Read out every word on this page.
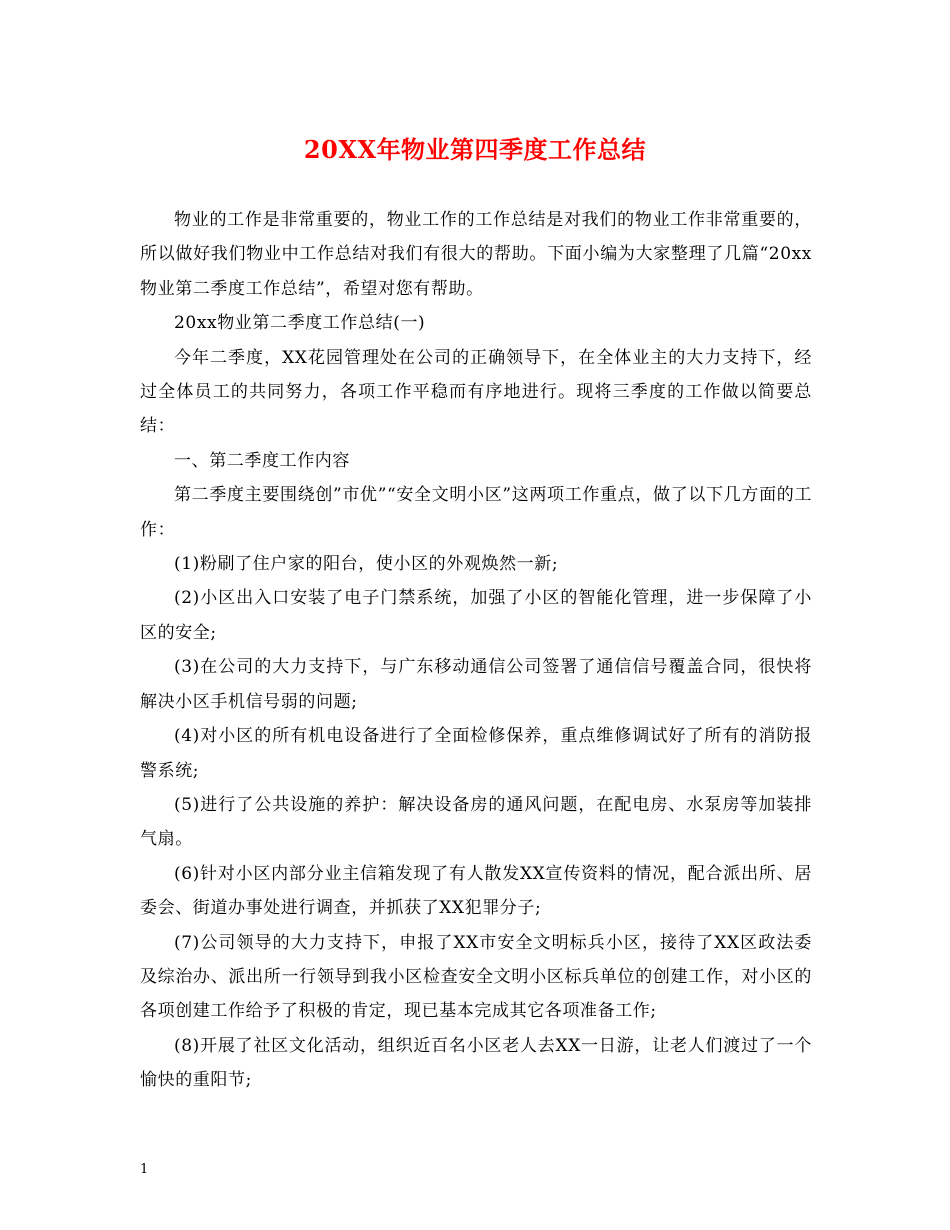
20XX年物业第四季度工作总结

物业的工作是非常重要的，物业工作的工作总结是对我们的物业工作非常重要的，所以做好我们物业中工作总结对我们有很大的帮助。下面小编为大家整理了几篇“20xx物业第二季度工作总结”，希望对您有帮助。

20xx物业第二季度工作总结(一)

今年二季度，XX花园管理处在公司的正确领导下，在全体业主的大力支持下，经过全体员工的共同努力，各项工作平稳而有序地进行。现将三季度的工作做以简要总结：

一、第二季度工作内容

第二季度主要围绕创”市优”“安全文明小区”这两项工作重点，做了以下几方面的工作：

(1)粉刷了住户家的阳台，使小区的外观焕然一新;

(2)小区出入口安装了电子门禁系统，加强了小区的智能化管理，进一步保障了小区的安全;

(3)在公司的大力支持下，与广东移动通信公司签署了通信信号覆盖合同，很快将解决小区手机信号弱的问题;

(4)对小区的所有机电设备进行了全面检修保养，重点维修调试好了所有的消防报警系统;

(5)进行了公共设施的养护：解决设备房的通风问题，在配电房、水泵房等加装排气扇。

(6)针对小区内部分业主信箱发现了有人散发XX宣传资料的情况，配合派出所、居委会、街道办事处进行调查，并抓获了XX犯罪分子;

(7)公司领导的大力支持下，申报了XX市安全文明标兵小区，接待了XX区政法委及综治办、派出所一行领导到我小区检查安全文明小区标兵单位的创建工作，对小区的各项创建工作给予了积极的肯定，现已基本完成其它各项准备工作;

(8)开展了社区文化活动，组织近百名小区老人去XX一日游，让老人们渡过了一个愉快的重阳节;

1
